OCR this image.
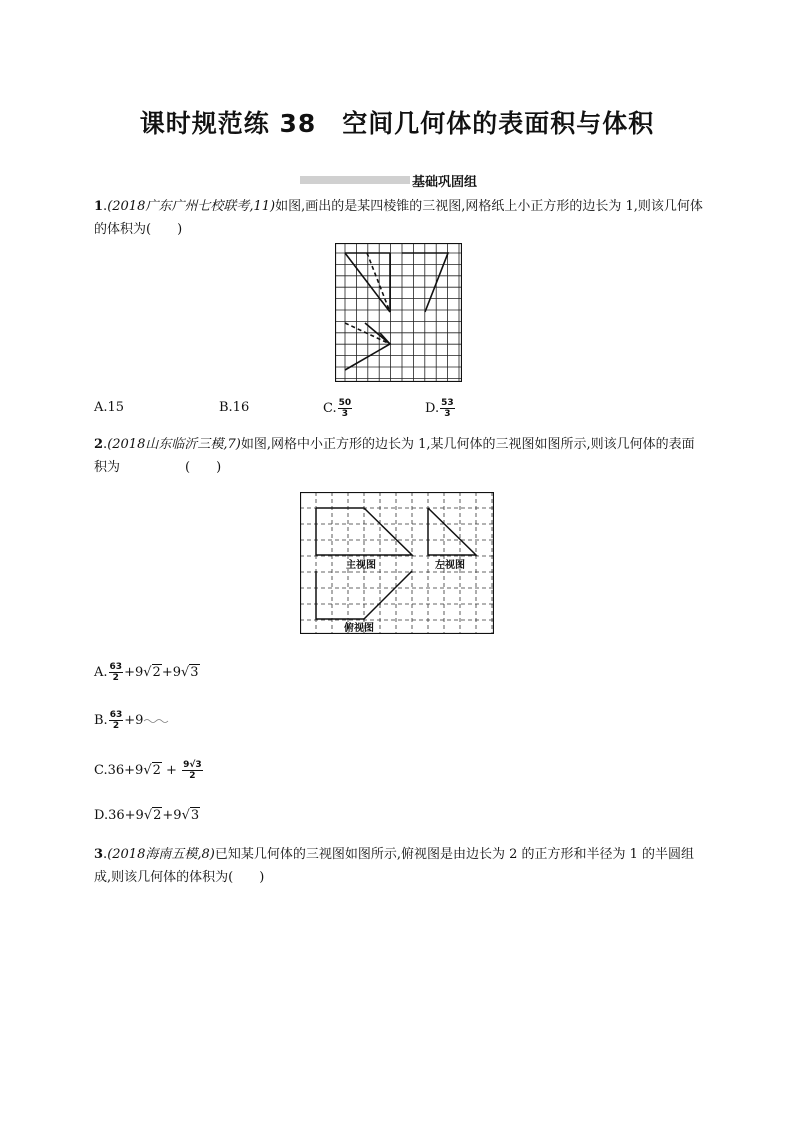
课时规范练 38　空间几何体的表面积与体积
基础巩固组
1.(2018广东广州七校联考,11)如图,画出的是某四棱锥的三视图,网格纸上小正方形的边长为 1,则该几何体的体积为(　　)
A.15	B.16	C. $\frac{50}{3}$	D. $\frac{53}{3}$
2.(2018山东临沂三模,7)如图,网格中小正方形的边长为 1,某几何体的三视图如图所示,则该几何体的表面积为　　　　　(　　)
主视图	左视图
俯视图
A. $\frac{63}{2} +9√2+9√3$
B. $\frac{63}{2} +9$
$C.36+9√2 + \frac{9√3}{2}$
D.36+9√2+9√3
3.(2018海南五模,8)已知某几何体的三视图如图所示,俯视图是由边长为 2 的正方形和半径为 1 的半圆组成,则该几何体的体积为(　　)
